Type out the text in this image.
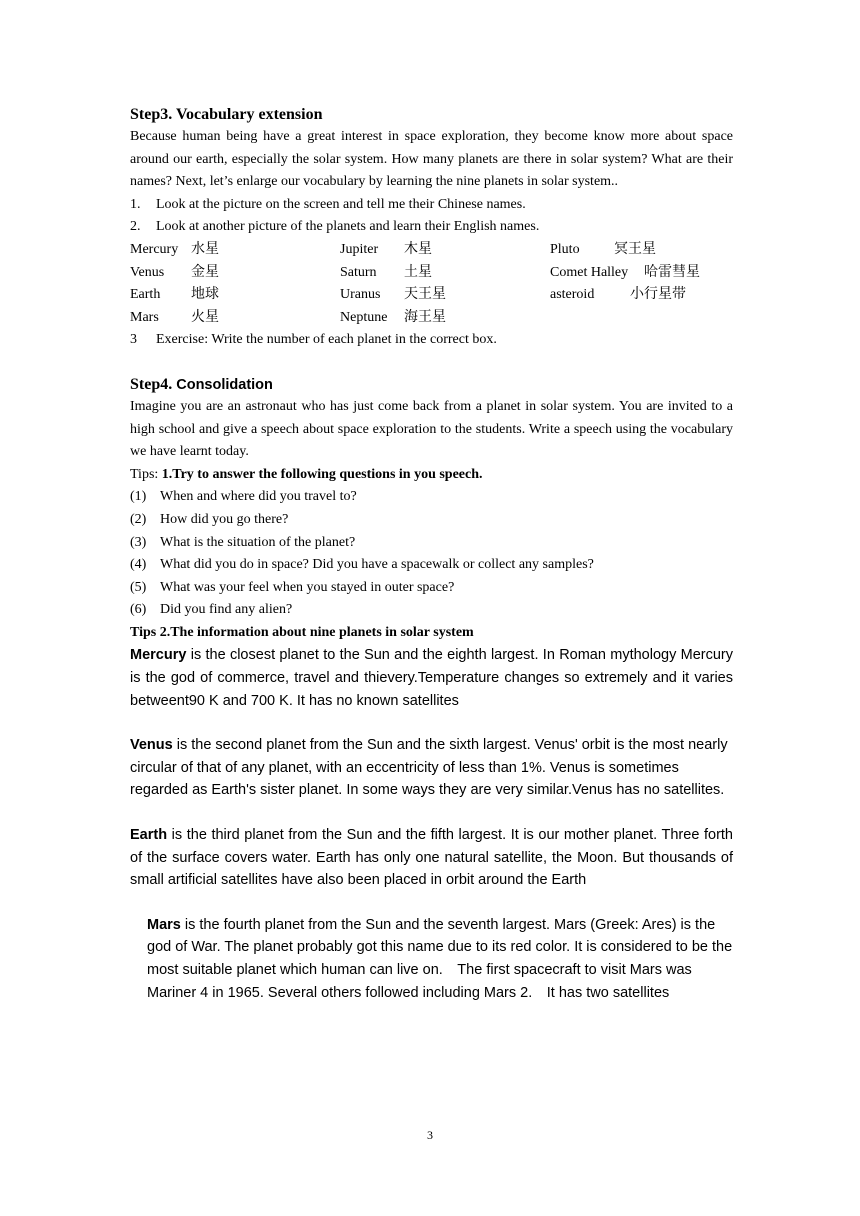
Step3. Vocabulary extension
Because human being have a great interest in space exploration, they become know more about space around our earth, especially the solar system. How many planets are there in solar system? What are their names? Next, let’s enlarge our vocabulary by learning the nine planets in solar system..
1.	Look at the picture on the screen and tell me their Chinese names.
2.	Look at another picture of the planets and learn their English names.
Mercury 水星	Jupiter	木星	Pluto	冥王星
Venus	金星	Saturn	土星	Comet Halley	哈雷彗星
Earth	地球	Uranus	天王星	asteroid	小行星带
Mars	火星	Neptune	海王星
3	Exercise: Write the number of each planet in the correct box.
Step4. Consolidation
Imagine you are an astronaut who has just come back from a planet in solar system. You are invited to a high school and give a speech about space exploration to the students. Write a speech using the vocabulary we have learnt today.
Tips: 1.Try to answer the following questions in you speech.
(1) When and where did you travel to?
(2) How did you go there?
(3) What is the situation of the planet?
(4) What did you do in space? Did you have a spacewalk or collect any samples?
(5) What was your feel when you stayed in outer space?
(6) Did you find any alien?
Tips 2.The information about nine planets in solar system
Mercury is the closest planet to the Sun and the eighth largest. In Roman mythology Mercury is the god of commerce, travel and thievery.Temperature changes so extremely and it varies betweent90 K and 700 K. It has no known satellites
Venus is the second planet from the Sun and the sixth largest. Venus' orbit is the most nearly circular of that of any planet, with an eccentricity of less than 1%. Venus is sometimes regarded as Earth's sister planet. In some ways they are very similar.Venus has no satellites.
Earth is the third planet from the Sun and the fifth largest. It is our mother planet. Three forth of the surface covers water. Earth has only one natural satellite, the Moon. But thousands of small artificial satellites have also been placed in orbit around the Earth
Mars is the fourth planet from the Sun and the seventh largest. Mars (Greek: Ares) is the god of War. The planet probably got this name due to its red color. It is considered to be the most suitable planet which human can live on.　The first spacecraft to visit Mars was Mariner 4 in 1965. Several others followed including Mars 2.　It has two satellites
3
